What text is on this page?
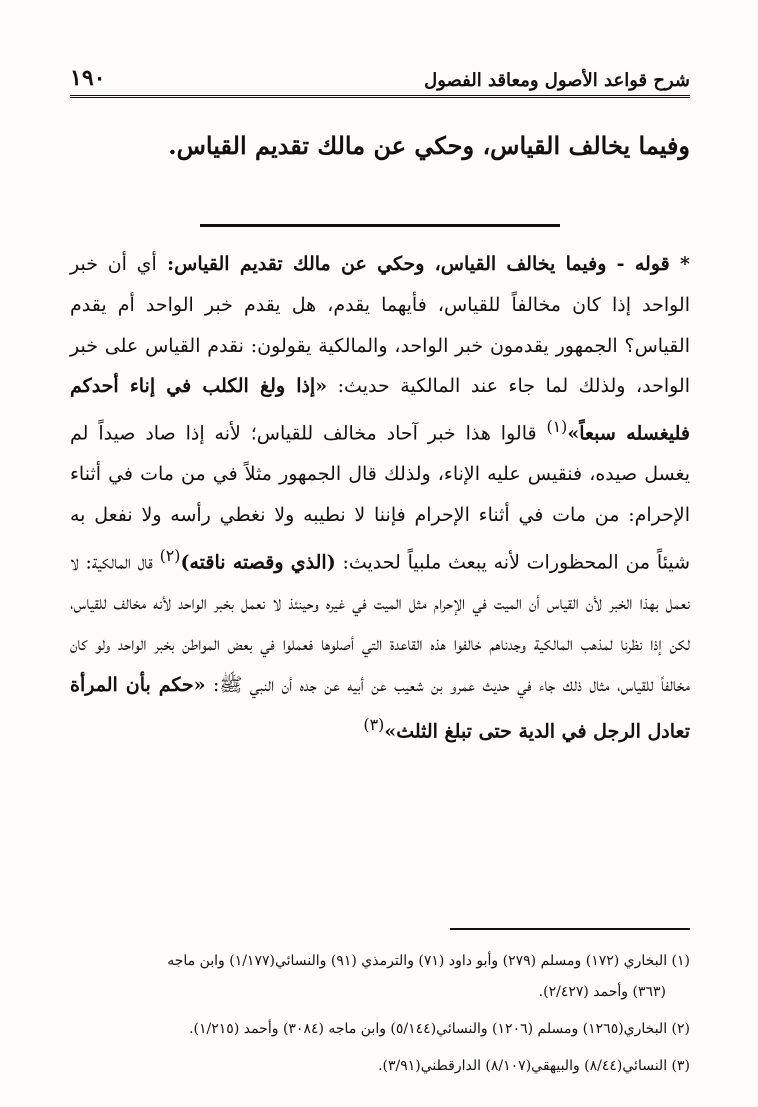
شرح قواعد الأصول ومعاقد الفصول
١٩٠
وفيما يخالف القياس، وحكي عن مالك تقديم القياس.
* قوله - وفيما يخالف القياس، وحكي عن مالك تقديم القياس: أي أن خبر الواحد إذا كان مخالفاً للقياس، فأيهما يقدم، هل يقدم خبر الواحد أم يقدم القياس؟ الجمهور يقدمون خبر الواحد، والمالكية يقولون: نقدم القياس على خبر الواحد، ولذلك لما جاء عند المالكية حديث: «إذا ولغ الكلب في إناء أحدكم فليغسله سبعاً»$^{(١)}$ قالوا هذا خبر آحاد مخالف للقياس؛ لأنه إذا صاد صيداً لم يغسل صيده، فنقيس عليه الإناء، ولذلك قال الجمهور مثلاً في من مات في أثناء الإحرام: من مات في أثناء الإحرام فإننا لا نطيبه ولا نغطي رأسه ولا نفعل به شيئاً من المحظورات لأنه يبعث ملبياً لحديث: (الذي وقصته ناقته)$^{(٢)}$ قال المالكية: لا نعمل بهذا الخبر لأن القياس أن الميت في الإحرام مثل الميت في غيره وحينئذ لا نعمل بخبر الواحد لأنه مخالف للقياس، لكن إذا نظرنا لمذهب المالكية وجدناهم خالفوا هذه القاعدة التي أصلوها فعملوا في بعض المواطن بخبر الواحد ولو كان مخالفاً للقياس، مثال ذلك جاء في حديث عمرو بن شعيب عن أبيه عن جده أن النبي ﷺ: «حكم بأن المرأة تعادل الرجل في الدية حتى تبلغ الثلث»$^{(٣)}$

(١) البخاري (١٧٢) ومسلم (٢٧٩) وأبو داود (٧١) والترمذي (٩١) والنسائي(١/١٧٧) وابن ماجه
(٣٦٣) وأحمد (٢/٤٢٧).

(٢) البخاري(١٢٦٥) ومسلم (١٢٠٦) والنسائي(٥/١٤٤) وابن ماجه (٣٠٨٤) وأحمد (١/٢١٥).

(٣) النسائي(٨/٤٤) والبيهقي(٨/١٠٧) الدارقطني(٣/٩١).
